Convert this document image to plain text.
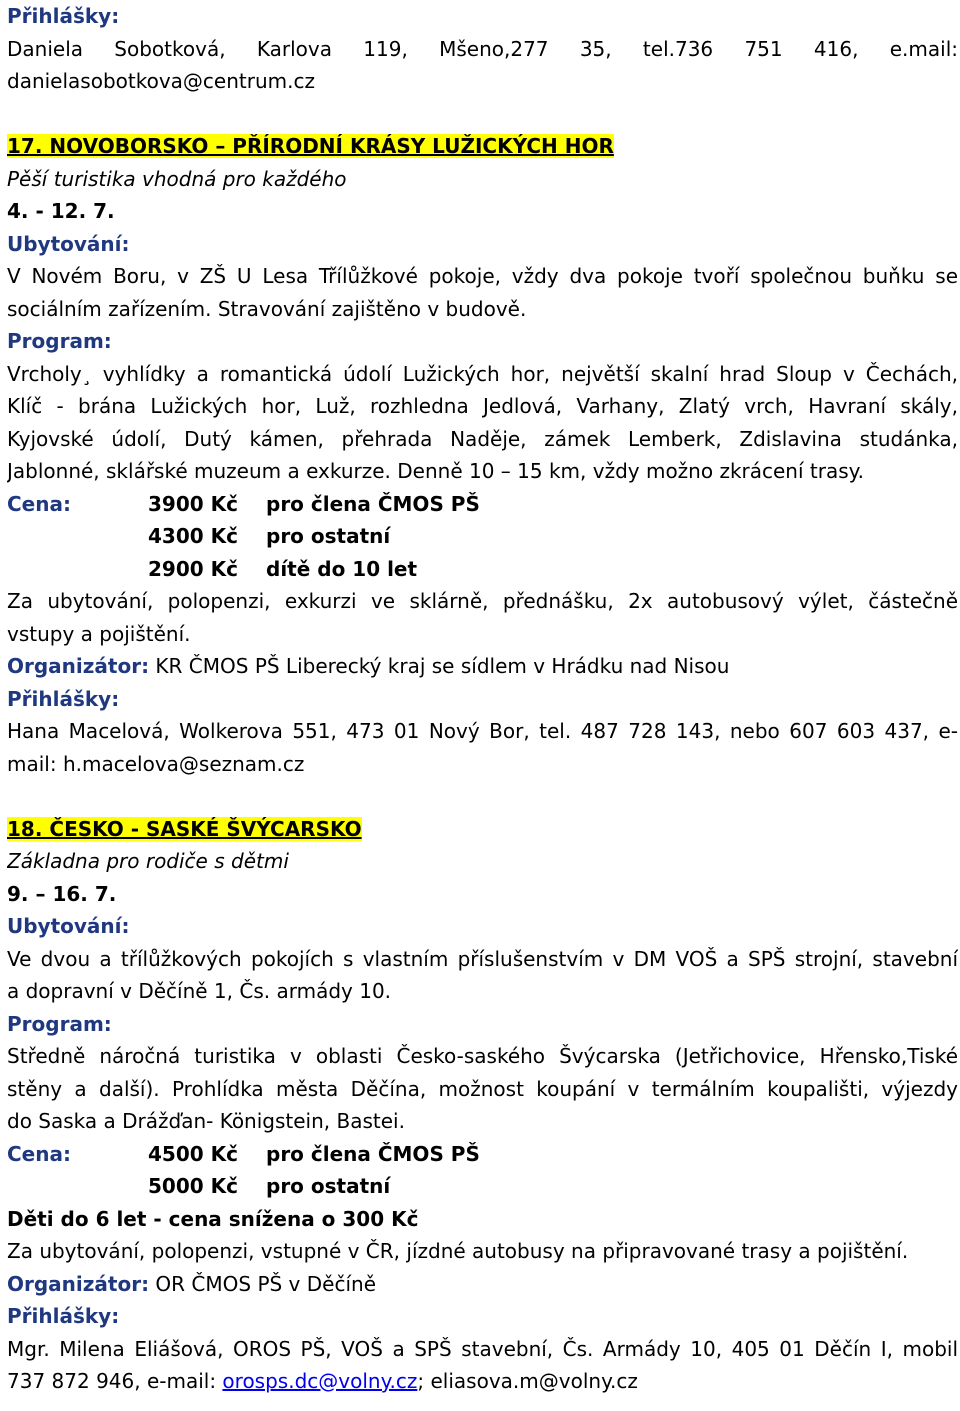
Přihlášky:
Daniela Sobotková, Karlova 119, Mšeno,277 35, tel.736 751 416, e.mail:
danielasobotkova@centrum.cz
17. NOVOBORSKO – PŘÍRODNÍ KRÁSY LUŽICKÝCH HOR
Pěší turistika vhodná pro každého
4. - 12. 7.
Ubytování:
V Novém Boru, v ZŠ U Lesa Třílůžkové pokoje, vždy dva pokoje tvoří společnou buňku se
sociálním zařízením. Stravování zajištěno v budově.
Program:
Vrcholy¸ vyhlídky a romantická údolí Lužických hor, největší skalní hrad Sloup v Čechách,
Klíč - brána Lužických hor, Luž, rozhledna Jedlová, Varhany, Zlatý vrch, Havraní skály,
Kyjovské údolí, Dutý kámen, přehrada Naděje, zámek Lemberk, Zdislavina studánka,
Jablonné, sklářské muzeum a exkurze. Denně 10 – 15 km, vždy možno zkrácení trasy.
Cena:	3900 Kč	pro člena ČMOS PŠ
4300 Kč	pro ostatní
2900 Kč	dítě do 10 let
Za ubytování, polopenzi, exkurzi ve sklárně, přednášku, 2x autobusový výlet, částečně
vstupy a pojištění.
Organizátor: KR ČMOS PŠ Liberecký kraj se sídlem v Hrádku nad Nisou
Přihlášky:
Hana Macelová, Wolkerova 551, 473 01 Nový Bor, tel. 487 728 143, nebo 607 603 437, e-
mail: h.macelova@seznam.cz
18. ČESKO - SASKÉ ŠVÝCARSKO
Základna pro rodiče s dětmi
9. – 16. 7.
Ubytování:
Ve dvou a třílůžkových pokojích s vlastním příslušenstvím v DM VOŠ a SPŠ strojní, stavební
a dopravní v Děčíně 1, Čs. armády 10.
Program:
Středně náročná turistika v oblasti Česko-saského Švýcarska (Jetřichovice, Hřensko,Tiské
stěny a další). Prohlídka města Děčína, možnost koupání v termálním koupališti, výjezdy
do Saska a Drážďan- Königstein, Bastei.
Cena:	4500 Kč	pro člena ČMOS PŠ
5000 Kč	pro ostatní
Děti do 6 let - cena snížena o 300 Kč
Za ubytování, polopenzi, vstupné v ČR, jízdné autobusy na připravované trasy a pojištění.
Organizátor: OR ČMOS PŠ v Děčíně
Přihlášky:
Mgr. Milena Eliášová, OROS PŠ, VOŠ a SPŠ stavební, Čs. Armády 10, 405 01 Děčín I, mobil
737 872 946, e-mail: orosps.dc@volny.cz; eliasova.m@volny.cz
